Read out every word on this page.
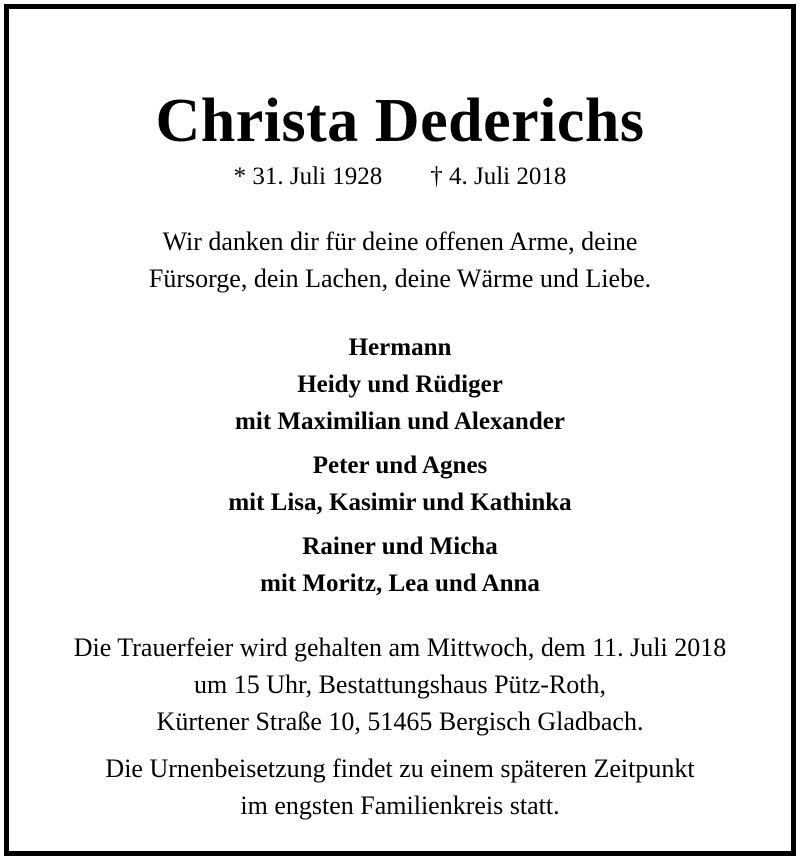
Christa Dederichs
* 31. Juli 1928 † 4. Juli 2018
Wir danken dir für deine offenen Arme, deine
Fürsorge, dein Lachen, deine Wärme und Liebe.
Hermann
Heidy und Rüdiger
mit Maximilian und Alexander
Peter und Agnes
mit Lisa, Kasimir und Kathinka
Rainer und Micha
mit Moritz, Lea und Anna
Die Trauerfeier wird gehalten am Mittwoch, dem 11. Juli 2018
um 15 Uhr, Bestattungshaus Pütz-Roth,
Kürtener Straße 10, 51465 Bergisch Gladbach.
Die Urnenbeisetzung findet zu einem späteren Zeitpunkt
im engsten Familienkreis statt.
